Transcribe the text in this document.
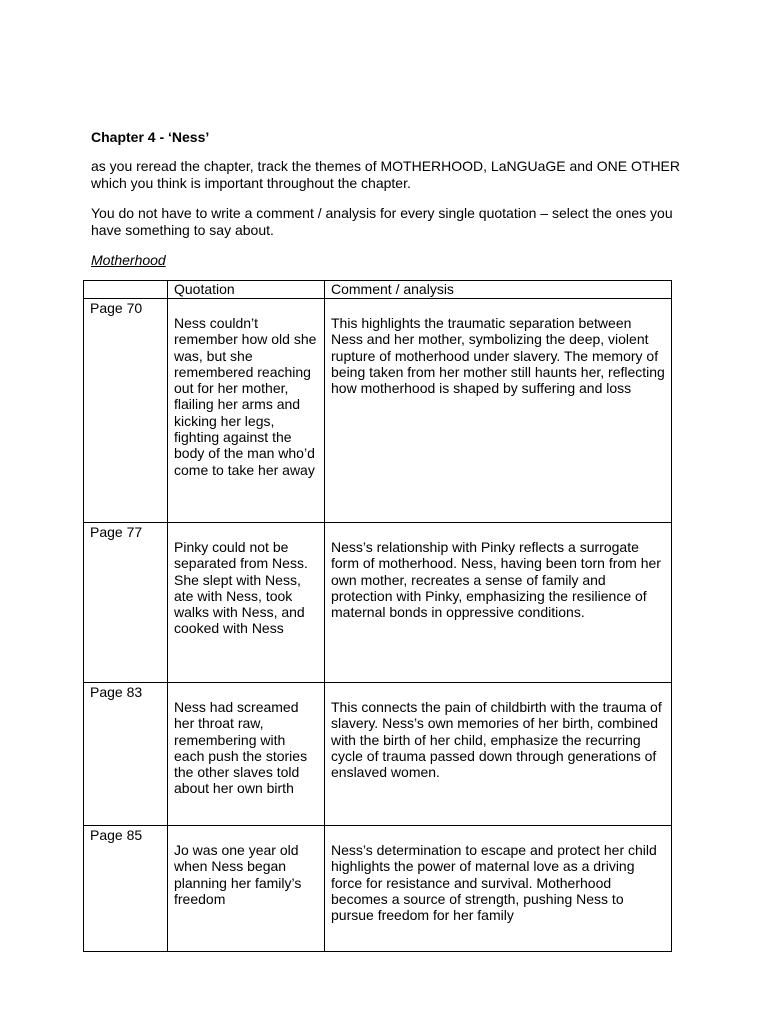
Chapter 4 - ‘Ness’

as you reread the chapter, track the themes of MOTHERHOOD, LaNGUaGE and ONE OTHER which you think is important throughout the chapter.

You do not have to write a comment / analysis for every single quotation – select the ones you have something to say about.

Motherhood

	Quotation	Comment / analysis
Page 70	Ness couldn’t remember how old she was, but she remembered reaching out for her mother, flailing her arms and kicking her legs, fighting against the body of the man who’d come to take her away	This highlights the traumatic separation between Ness and her mother, symbolizing the deep, violent rupture of motherhood under slavery. The memory of being taken from her mother still haunts her, reflecting how motherhood is shaped by suffering and loss
Page 77	Pinky could not be separated from Ness. She slept with Ness, ate with Ness, took walks with Ness, and cooked with Ness	Ness’s relationship with Pinky reflects a surrogate form of motherhood. Ness, having been torn from her own mother, recreates a sense of family and protection with Pinky, emphasizing the resilience of maternal bonds in oppressive conditions.
Page 83	Ness had screamed her throat raw, remembering with each push the stories the other slaves told about her own birth	This connects the pain of childbirth with the trauma of slavery. Ness’s own memories of her birth, combined with the birth of her child, emphasize the recurring cycle of trauma passed down through generations of enslaved women.
Page 85	Jo was one year old when Ness began planning her family’s freedom	Ness’s determination to escape and protect her child highlights the power of maternal love as a driving force for resistance and survival. Motherhood becomes a source of strength, pushing Ness to pursue freedom for her family
